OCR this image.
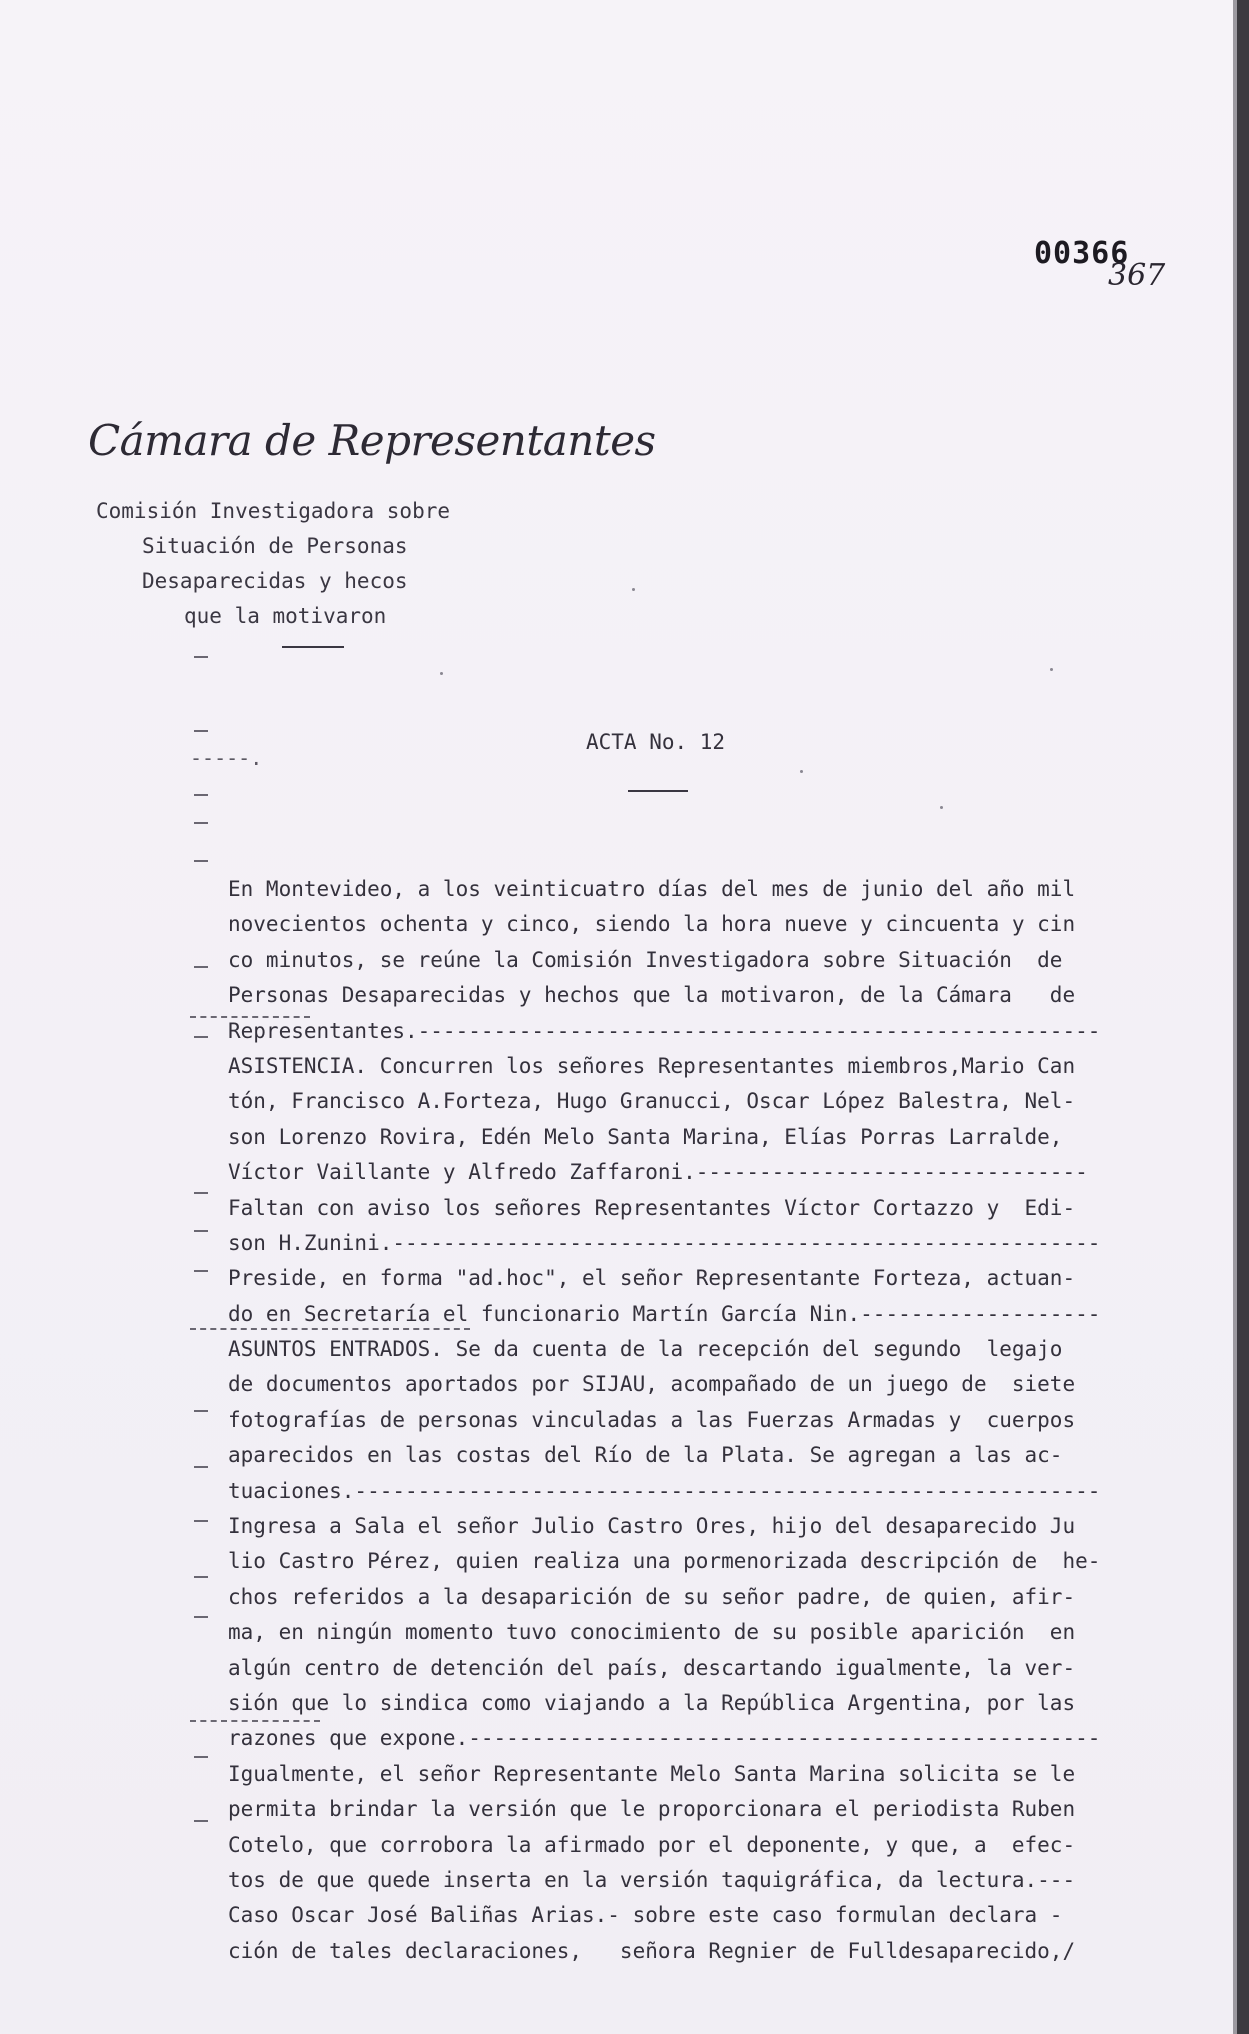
00366
367
Cámara de Representantes
Comisión Investigadora sobre
Situación de Personas
Desaparecidas y hecos
que la motivaron
-----.
ACTA No. 12
En Montevideo, a los veinticuatro días del mes de junio del año mil
novecientos ochenta y cinco, siendo la hora nueve y cincuenta y cin
co minutos, se reúne la Comisión Investigadora sobre Situación  de
Personas Desaparecidas y hechos que la motivaron, de la Cámara   de
Representantes.------------------------------------------------------
ASISTENCIA. Concurren los señores Representantes miembros,Mario Can
tón, Francisco A.Forteza, Hugo Granucci, Oscar López Balestra, Nel-
son Lorenzo Rovira, Edén Melo Santa Marina, Elías Porras Larralde,
Víctor Vaillante y Alfredo Zaffaroni.-------------------------------
Faltan con aviso los señores Representantes Víctor Cortazzo y  Edi-
son H.Zunini.--------------------------------------------------------
Preside, en forma "ad.hoc", el señor Representante Forteza, actuan-
do en Secretaría el funcionario Martín García Nin.-------------------
ASUNTOS ENTRADOS. Se da cuenta de la recepción del segundo  legajo
de documentos aportados por SIJAU, acompañado de un juego de  siete
fotografías de personas vinculadas a las Fuerzas Armadas y  cuerpos
aparecidos en las costas del Río de la Plata. Se agregan a las ac-
tuaciones.-----------------------------------------------------------
Ingresa a Sala el señor Julio Castro Ores, hijo del desaparecido Ju
lio Castro Pérez, quien realiza una pormenorizada descripción de  he-
chos referidos a la desaparición de su señor padre, de quien, afir-
ma, en ningún momento tuvo conocimiento de su posible aparición  en
algún centro de detención del país, descartando igualmente, la ver-
sión que lo sindica como viajando a la República Argentina, por las
razones que expone.--------------------------------------------------
Igualmente, el señor Representante Melo Santa Marina solicita se le
permita brindar la versión que le proporcionara el periodista Ruben
Cotelo, que corrobora la afirmado por el deponente, y que, a  efec-
tos de que quede inserta en la versión taquigráfica, da lectura.---
Caso Oscar José Baliñas Arias.- sobre este caso formulan declara -
ción de tales declaraciones,   señora Regnier de Fulldesaparecido,/
